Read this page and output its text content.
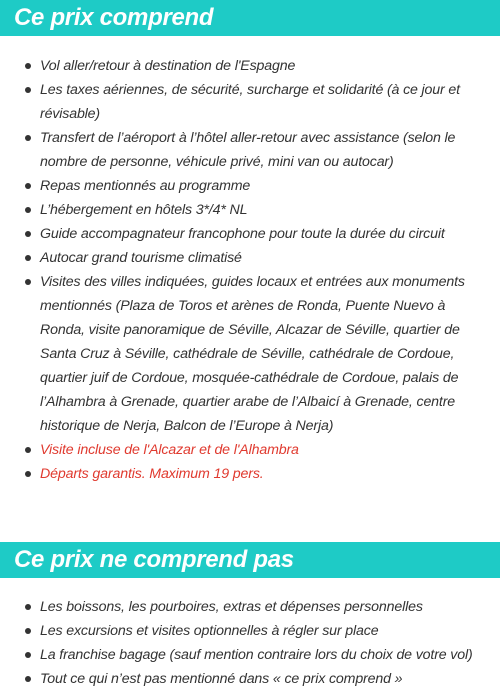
Ce prix comprend
Vol aller/retour à destination de l'Espagne
Les taxes aériennes, de sécurité, surcharge et solidarité (à ce jour et révisable)
Transfert de l’aéroport à l’hôtel aller-retour avec assistance (selon le nombre de personne, véhicule privé, mini van ou autocar)
Repas mentionnés au programme
L’hébergement en hôtels 3*/4* NL
Guide accompagnateur francophone pour toute la durée du circuit
Autocar grand tourisme climatisé
Visites des villes indiquées, guides locaux et entrées aux monuments mentionnés (Plaza de Toros et arènes de Ronda, Puente Nuevo à Ronda, visite panoramique de Séville, Alcazar de Séville, quartier de Santa Cruz à Séville, cathédrale de Séville, cathédrale de Cordoue, quartier juif de Cordoue, mosquée-cathédrale de Cordoue, palais de l’Alhambra à Grenade, quartier arabe de l’Albaicí à Grenade, centre historique de Nerja, Balcon de l’Europe à Nerja)
Visite incluse de l'Alcazar et de l'Alhambra
Départs garantis. Maximum 19 pers.
Ce prix ne comprend pas
Les boissons, les pourboires, extras et dépenses personnelles
Les excursions et visites optionnelles à régler sur place
La franchise bagage (sauf mention contraire lors du choix de votre vol)
Tout ce qui n’est pas mentionné dans « ce prix comprend »
